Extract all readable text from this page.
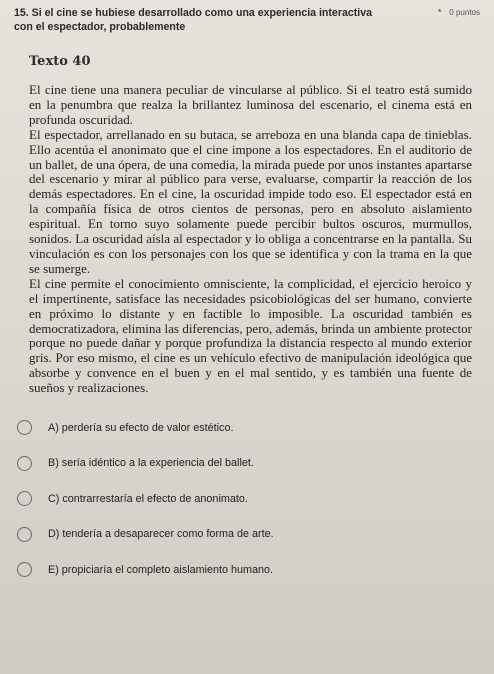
15. Si el cine se hubiese desarrollado como una experiencia interactiva con el espectador, probablemente

* 0 puntos
Texto 40

El cine tiene una manera peculiar de vincularse al público. Si el teatro está sumido en la penumbra que realza la brillantez luminosa del escenario, el cinema está en profunda oscuridad.

El espectador, arrellanado en su butaca, se arreboza en una blanda capa de tinieblas. Ello acentúa el anonimato que el cine impone a los espectadores. En el auditorio de un ballet, de una ópera, de una comedia, la mirada puede por unos instantes apartarse del escenario y mirar al público para verse, evaluarse, compartir la reacción de los demás espectadores. En el cine, la oscuridad impide todo eso. El espectador está en la compañía física de otros cientos de personas, pero en absoluto aislamiento espiritual. En torno suyo solamente puede percibir bultos oscuros, murmullos, sonidos. La oscuridad aísla al espectador y lo obliga a concentrarse en la pantalla. Su vinculación es con los personajes con los que se identifica y con la trama en la que se sumerge.

El cine permite el conocimiento omnisciente, la complicidad, el ejercicio heroico y el impertinente, satisface las necesidades psicobiológicas del ser humano, convierte en próximo lo distante y en factible lo imposible. La oscuridad también es democratizadora, elimina las diferencias, pero, además, brinda un ambiente protector porque no puede dañar y porque profundiza la distancia respecto al mundo exterior gris. Por eso mismo, el cine es un vehículo efectivo de manipulación ideológica que absorbe y convence en el buen y en el mal sentido, y es también una fuente de sueños y realizaciones.

A) perdería su efecto de valor estético.
B) sería idéntico a la experiencia del ballet.
C) contrarrestaría el efecto de anonimato.
D) tendería a desaparecer como forma de arte.
E) propiciaría el completo aislamiento humano.
